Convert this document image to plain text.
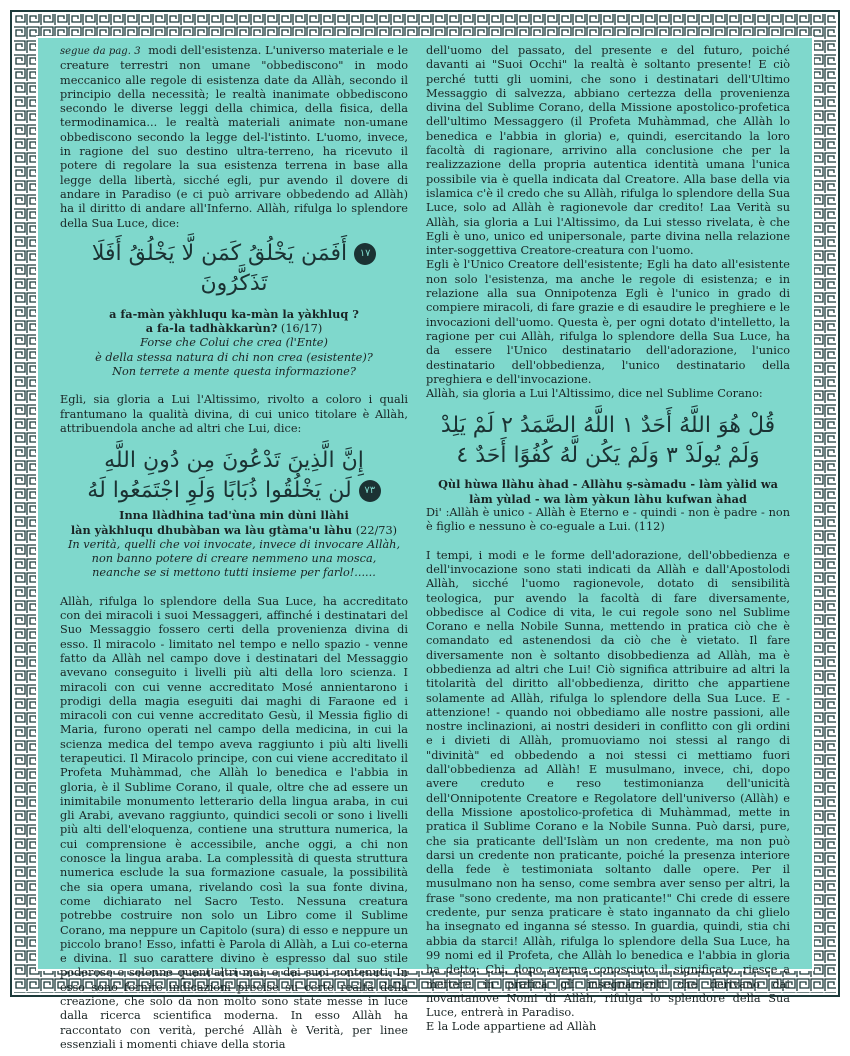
segue da pag. 3 modi dell'esistenza. L'universo materiale e le creature terrestri non umane "obbediscono" in modo meccanico alle regole di esistenza date da Allàh, secondo il principio della necessità; le realtà inanimate obbediscono secondo le diverse leggi della chimica, della fisica, della termodinamica... le realtà materiali animate non-umane obbediscono secondo la legge del-l'istinto. L'uomo, invece, in ragione del suo destino ultra-terreno, ha ricevuto il potere di regolare la sua esistenza terrena in base alla legge della libertà, sicché egli, pur avendo il dovere di andare in Paradiso (e ci può arrivare obbedendo ad Allàh) ha il diritto di andare all'Inferno. Allàh, rifulga lo splendore della Sua Luce, dice:

١٧ أَفَمَن يَخْلُقُ كَمَن لَّا يَخْلُقُ أَفَلَا تَذَكَّرُونَ
a fa-màn yàkhluqu ka-màn la yàkhluq ?
a fa-la tadhàkkarùn? (16/17)
Forse che Colui che crea (l'Ente)
è della stessa natura di chi non crea (esistente)?
Non terrete a mente questa informazione?

Egli, sia gloria a Lui l'Altissimo, rivolto a coloro i quali frantumano la qualità divina, di cui unico titolare è Allàh, attribuendola anche ad altri che Lui, dice:

إِنَّ الَّذِينَ تَدْعُونَ مِن دُونِ اللَّهِ
٧٣ لَن يَخْلُقُوا ذُبَابًا وَلَوِ اجْتَمَعُوا لَهُ
Inna llàdhina tad'ùna min dùni llàhi
làn yàkhluqu dhubàban wa làu gtàma'u làhu (22/73)
In verità, quelli che voi invocate, invece di invocare Allàh,
non banno potere di creare nemmeno una mosca,
neanche se si mettono tutti insieme per farlo!......

Allàh, rifulga lo splendore della Sua Luce, ha accreditato con dei miracoli i suoi Messaggeri, affinché i destinatari del Suo Messaggio fossero certi della provenienza divina di esso. Il miracolo - limitato nel tempo e nello spazio - venne fatto da Allàh nel campo dove i destinatari del Messaggio avevano conseguito i livelli più alti della loro scienza. I miracoli con cui venne accreditato Mosé annientarono i prodigi della magia eseguiti dai maghi di Faraone ed i miracoli con cui venne accreditato Gesù, il Messia figlio di Maria, furono operati nel campo della medicina, in cui la scienza medica del tempo aveva raggiunto i più alti livelli terapeutici. Il Miracolo principe, con cui viene accreditato il Profeta Muhàmmad, che Allàh lo benedica e l'abbia in gloria, è il Sublime Corano, il quale, oltre che ad essere un inimitabile monumento letterario della lingua araba, in cui gli Arabi, avevano raggiunto, quindici secoli or sono i livelli più alti dell'eloquenza, contiene una struttura numerica, la cui comprensione è accessibile, anche oggi, a chi non conosce la lingua araba. La complessità di questa struttura numerica esclude la sua formazione casuale, la possibilità che sia opera umana, rivelando così la sua fonte divina, come dichiarato nel Sacro Testo. Nessuna creatura potrebbe costruire non solo un Libro come il Sublime Corano, ma neppure un Capitolo (sura) di esso e neppure un piccolo brano! Esso, infatti è Parola di Allàh, a Lui co-eterna e divina. Il suo carattere divino è espresso dal suo stile poderoso e solenne quant'altri mai, e dai suoi contenuti. In esso sono fornite indicazioni precise su certe realtà della creazione, che solo da non molto sono state messe in luce dalla ricerca scientifica moderna. In esso Allàh ha raccontato con verità, perché Allàh è Verità, per linee essenziali i momenti chiave della storia

dell'uomo del passato, del presente e del futuro, poiché davanti ai "Suoi Occhi" la realtà è soltanto presente! E ciò perché tutti gli uomini, che sono i destinatari dell'Ultimo Messaggio di salvezza, abbiano certezza della provenienza divina del Sublime Corano, della Missione apostolico-profetica dell'ultimo Messaggero (il Profeta Muhàmmad, che Allàh lo benedica e l'abbia in gloria) e, quindi, esercitando la loro facoltà di ragionare, arrivino alla conclusione che per la realizzazione della propria autentica identità umana l'unica possibile via è quella indicata dal Creatore. Alla base della via islamica c'è il credo che su Allàh, rifulga lo splendore della Sua Luce, solo ad Allàh è ragionevole dar credito! Laa Verità su Allàh, sia gloria a Lui l'Altissimo, da Lui stesso rivelata, è che Egli è uno, unico ed unipersonale, parte divina nella relazione inter-soggettiva Creatore-creatura con l'uomo.

Egli è l'Unico Creatore dell'esistente; Egli ha dato all'esistente non solo l'esistenza, ma anche le regole di esistenza; e in relazione alla sua Onnipotenza Egli è l'unico in grado di compiere miracoli, di fare grazie e di esaudire le preghiere e le invocazioni dell'uomo. Questa è, per ogni dotato d'intelletto, la ragione per cui Allàh, rifulga lo splendore della Sua Luce, ha da essere l'Unico destinatario dell'adorazione, l'unico destinatario dell'obbedienza, l'unico destinatario della preghiera e dell'invocazione.

Allàh, sia gloria a Lui l'Altissimo, dice nel Sublime Corano:

قُلْ هُوَ اللَّهُ أَحَدٌ ١ اللَّهُ الصَّمَدُ ٢ لَمْ يَلِدْ
وَلَمْ يُولَدْ ٣ وَلَمْ يَكُن لَّهُ كُفُوًا أَحَدٌ ٤
Qùl hùwa llàhu àhad - Allàhu ș-sàmadu - làm yàlid wa làm yùlad - wa làm yàkun làhu kufwan àhad

Di' :Allàh è unico - Allàh è Eterno e - quindi - non è padre - non è figlio e nessuno è co-eguale a Lui. (112)

I tempi, i modi e le forme dell'adorazione, dell'obbedienza e dell'invocazione sono stati indicati da Allàh e dall'Apostolodi Allàh, sicché l'uomo ragionevole, dotato di sensibilità teologica, pur avendo la facoltà di fare diversamente, obbedisce al Codice di vita, le cui regole sono nel Sublime Corano e nella Nobile Sunna, mettendo in pratica ciò che è comandato ed astenendosi da ciò che è vietato. Il fare diversamente non è soltanto disobbedienza ad Allàh, ma è obbedienza ad altri che Lui! Ciò significa attribuire ad altri la titolarità del diritto all'obbedienza, diritto che appartiene solamente ad Allàh, rifulga lo splendore della Sua Luce. E - attenzione! - quando noi obbediamo alle nostre passioni, alle nostre inclinazioni, ai nostri desideri in conflitto con gli ordini e i divieti di Allàh, promuoviamo noi stessi al rango di "divinità" ed obbedendo a noi stessi ci mettiamo fuori dall'obbedienza ad Allàh! E musulmano, invece, chi, dopo avere creduto e reso testimonianza dell'unicità dell'Onnipotente Creatore e Regolatore dell'universo (Allàh) e della Missione apostolico-profetica di Muhàmmad, mette in pratica il Sublime Corano e la Nobile Sunna. Può darsi, pure, che sia praticante dell'Islàm un non credente, ma non può darsi un credente non praticante, poiché la presenza interiore della fede è testimoniata soltanto dalle opere. Per il musulmano non ha senso, come sembra aver senso per altri, la frase "sono credente, ma non praticante!" Chi crede di essere credente, pur senza praticare è stato ingannato da chi glielo ha insegnato ed inganna sé stesso. In guardia, quindi, stia chi abbia da starci! Allàh, rifulga lo splendore della Sua Luce, ha 99 nomi ed il Profeta, che Allàh lo benedica e l'abbia in gloria ha detto: Chi, dopo averne conosciuto il significato, riesce a mettere in pratica gli insegnamenti che derivano dai novantanove Nomi di Allàh, rifulga lo splendore della Sua Luce, entrerà in Paradiso.

E la Lode appartiene ad Allàh
